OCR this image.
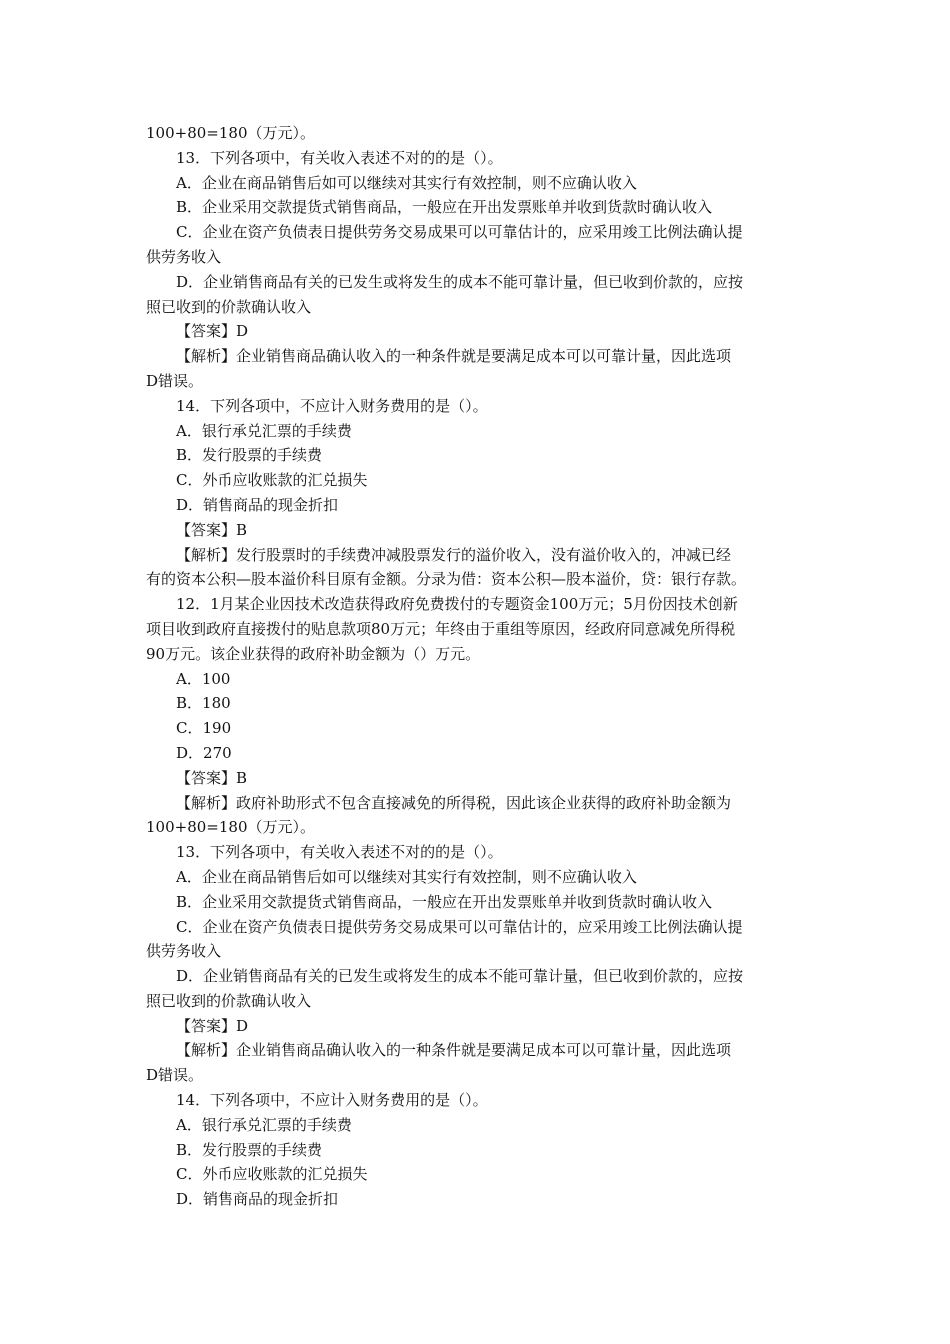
100+80=180（万元）。
13．下列各项中，有关收入表述不对的的是（）。
A．企业在商品销售后如可以继续对其实行有效控制，则不应确认收入
B．企业采用交款提货式销售商品，一般应在开出发票账单并收到货款时确认收入
C．企业在资产负债表日提供劳务交易成果可以可靠估计的，应采用竣工比例法确认提
供劳务收入
D．企业销售商品有关的已发生或将发生的成本不能可靠计量，但已收到价款的，应按
照已收到的价款确认收入
【答案】D
【解析】企业销售商品确认收入的一种条件就是要满足成本可以可靠计量，因此选项
D错误。
14．下列各项中，不应计入财务费用的是（）。
A．银行承兑汇票的手续费
B．发行股票的手续费
C．外币应收账款的汇兑损失
D．销售商品的现金折扣
【答案】B
【解析】发行股票时的手续费冲减股票发行的溢价收入，没有溢价收入的，冲减已经
有的资本公积—股本溢价科目原有金额。分录为借：资本公积—股本溢价，贷：银行存款。
12．1月某企业因技术改造获得政府免费拨付的专题资金100万元；5月份因技术创新
项目收到政府直接拨付的贴息款项80万元；年终由于重组等原因，经政府同意减免所得税
90万元。该企业获得的政府补助金额为（）万元。
A．100
B．180
C．190
D．270
【答案】B
【解析】政府补助形式不包含直接减免的所得税，因此该企业获得的政府补助金额为
100+80=180（万元）。
13．下列各项中，有关收入表述不对的的是（）。
A．企业在商品销售后如可以继续对其实行有效控制，则不应确认收入
B．企业采用交款提货式销售商品，一般应在开出发票账单并收到货款时确认收入
C．企业在资产负债表日提供劳务交易成果可以可靠估计的，应采用竣工比例法确认提
供劳务收入
D．企业销售商品有关的已发生或将发生的成本不能可靠计量，但已收到价款的，应按
照已收到的价款确认收入
【答案】D
【解析】企业销售商品确认收入的一种条件就是要满足成本可以可靠计量，因此选项
D错误。
14．下列各项中，不应计入财务费用的是（）。
A．银行承兑汇票的手续费
B．发行股票的手续费
C．外币应收账款的汇兑损失
D．销售商品的现金折扣
